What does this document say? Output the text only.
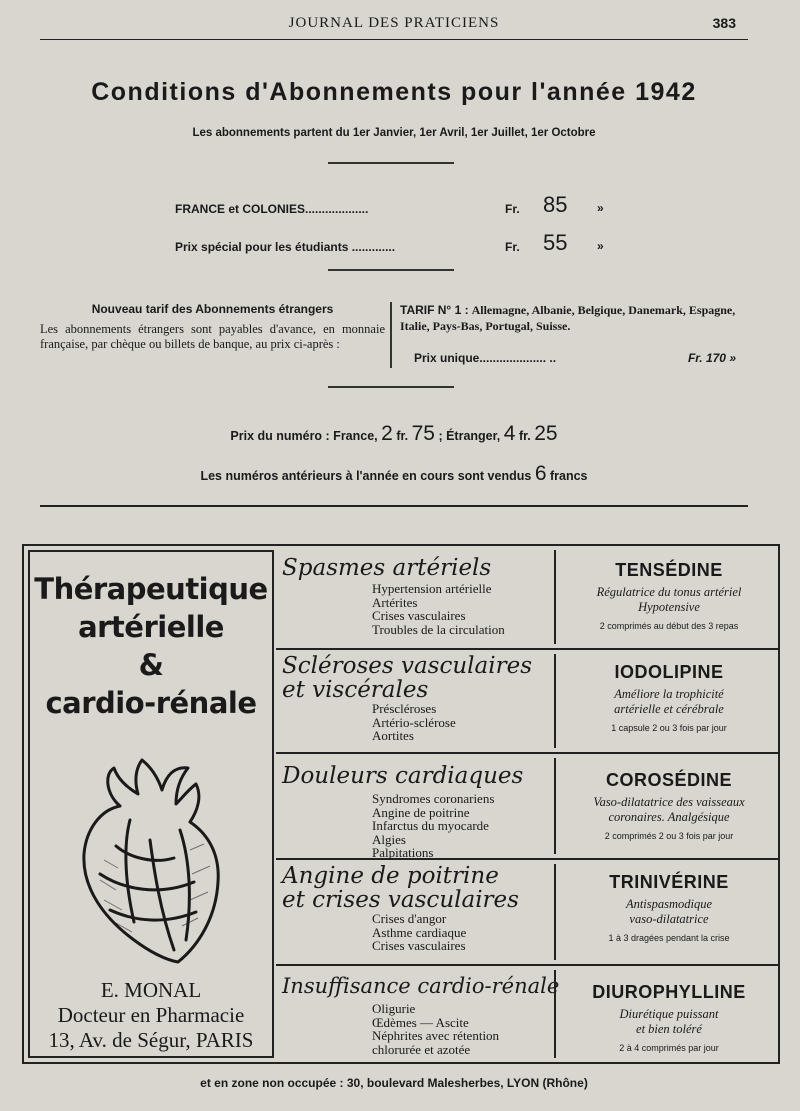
JOURNAL DES PRATICIENS	383
Conditions d'Abonnements pour l'année 1942
Les abonnements partent du 1er Janvier, 1er Avril, 1er Juillet, 1er Octobre
FRANCE et COLONIES...................	Fr. 85 »
Prix spécial pour les étudiants .............	Fr. 55 »
Nouveau tarif des Abonnements étrangers
Les abonnements étrangers sont payables d'avance, en monnaie française, par chèque ou billets de banque, au prix ci-après :
TARIF N° 1 : Allemagne, Albanie, Belgique, Danemark, Espagne, Italie, Pays-Bas, Portugal, Suisse.
Prix unique.................... ..	Fr. 170 »
Prix du numéro : France, 2 fr. 75 ; Étranger, 4 fr. 25
Les numéros antérieurs à l'année en cours sont vendus 6 francs
Thérapeutique
artérielle
&
cardio-rénale
E. MONAL
Docteur en Pharmacie
13, Av. de Ségur, PARIS
Spasmes artériels
Hypertension artérielle
Artérites
Crises vasculaires
Troubles de la circulation
TENSÉDINE
Régulatrice du tonus artériel
Hypotensive
2 comprimés au début des 3 repas
Scléroses vasculaires
et viscérales
Préscléroses
Artério-sclérose
Aortites
IODOLIPINE
Améliore la trophicité
artérielle et cérébrale
1 capsule 2 ou 3 fois par jour
Douleurs cardiaques
Syndromes coronariens
Angine de poitrine
Infarctus du myocarde
Algies
Palpitations
COROSÉDINE
Vaso-dilatatrice des vaisseaux
coronaires. Analgésique
2 comprimés 2 ou 3 fois par jour
Angine de poitrine
et crises vasculaires
Crises d'angor
Asthme cardiaque
Crises vasculaires
TRINIVÉRINE
Antispasmodique
vaso-dilatatrice
1 à 3 dragées pendant la crise
Insuffisance cardio-rénale
Oligurie
Œdèmes — Ascite
Néphrites avec rétention
chlorurée et azotée
DIUROPHYLLINE
Diurétique puissant
et bien toléré
2 à 4 comprimés par jour
et en zone non occupée : 30, boulevard Malesherbes, LYON (Rhône)
